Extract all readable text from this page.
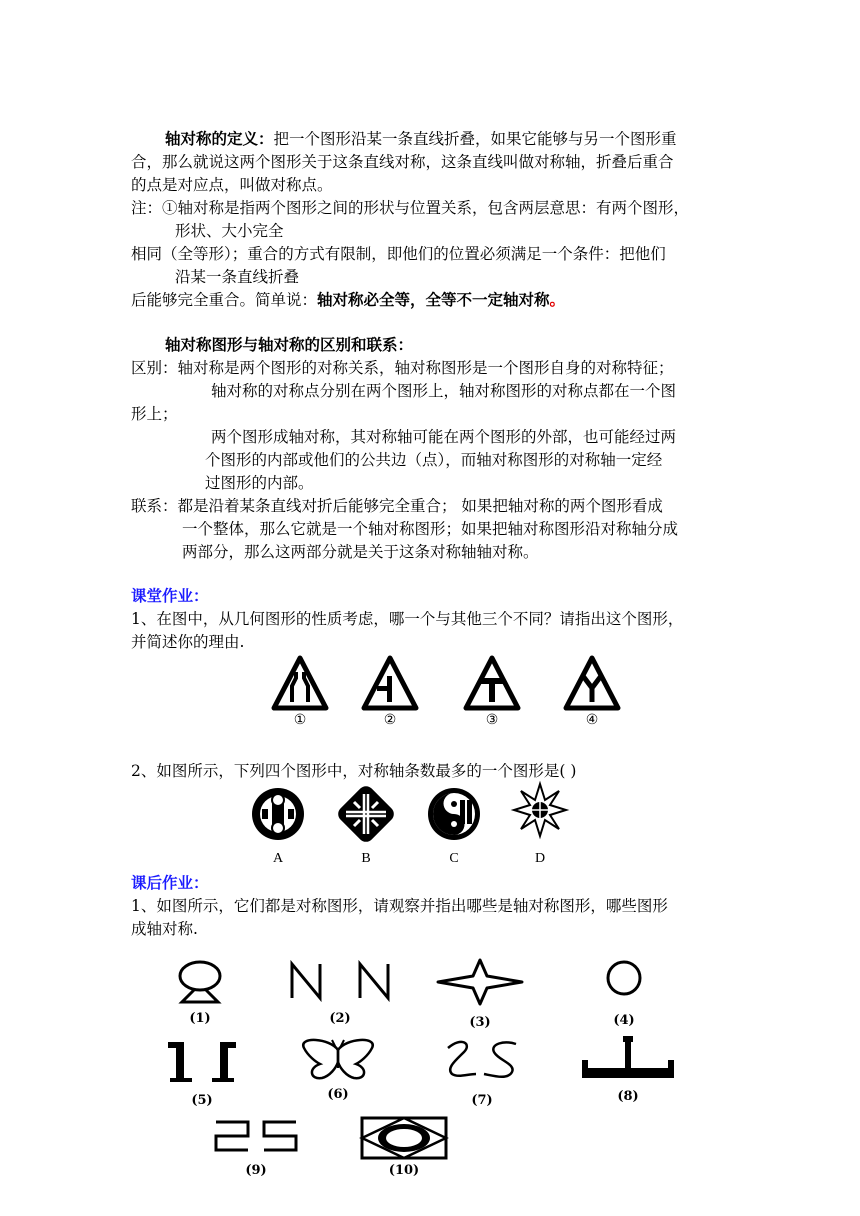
轴对称的定义：把一个图形沿某一条直线折叠，如果它能够与另一个图形重
合，那么就说这两个图形关于这条直线对称，这条直线叫做对称轴，折叠后重合
的点是对应点，叫做对称点。
注：①轴对称是指两个图形之间的形状与位置关系，包含两层意思：有两个图形，
形状、大小完全
相同（全等形）；重合的方式有限制，即他们的位置必须满足一个条件：把他们
沿某一条直线折叠
后能够完全重合。简单说：轴对称必全等，全等不一定轴对称。
轴对称图形与轴对称的区别和联系：
区别：轴对称是两个图形的对称关系，轴对称图形是一个图形自身的对称特征；
轴对称的对称点分别在两个图形上，轴对称图形的对称点都在一个图
形上；
两个图形成轴对称，其对称轴可能在两个图形的外部，也可能经过两
个图形的内部或他们的公共边（点），而轴对称图形的对称轴一定经
过图形的内部。
联系：都是沿着某条直线对折后能够完全重合； 如果把轴对称的两个图形看成
一个整体，那么它就是一个轴对称图形；如果把轴对称图形沿对称轴分成
两部分，那么这两部分就是关于这条对称轴轴对称。
课堂作业：
1、在图中，从几何图形的性质考虑，哪一个与其他三个不同？请指出这个图形，
并简述你的理由.
①	②	③	④
2、如图所示，下列四个图形中，对称轴条数最多的一个图形是( )
A	B	C	D
课后作业：
1、如图所示，它们都是对称图形，请观察并指出哪些是轴对称图形，哪些图形
成轴对称.
(1)	(2)	(3)	(4)
(5)	(6)	(7)	(8)
(9)	(10)
